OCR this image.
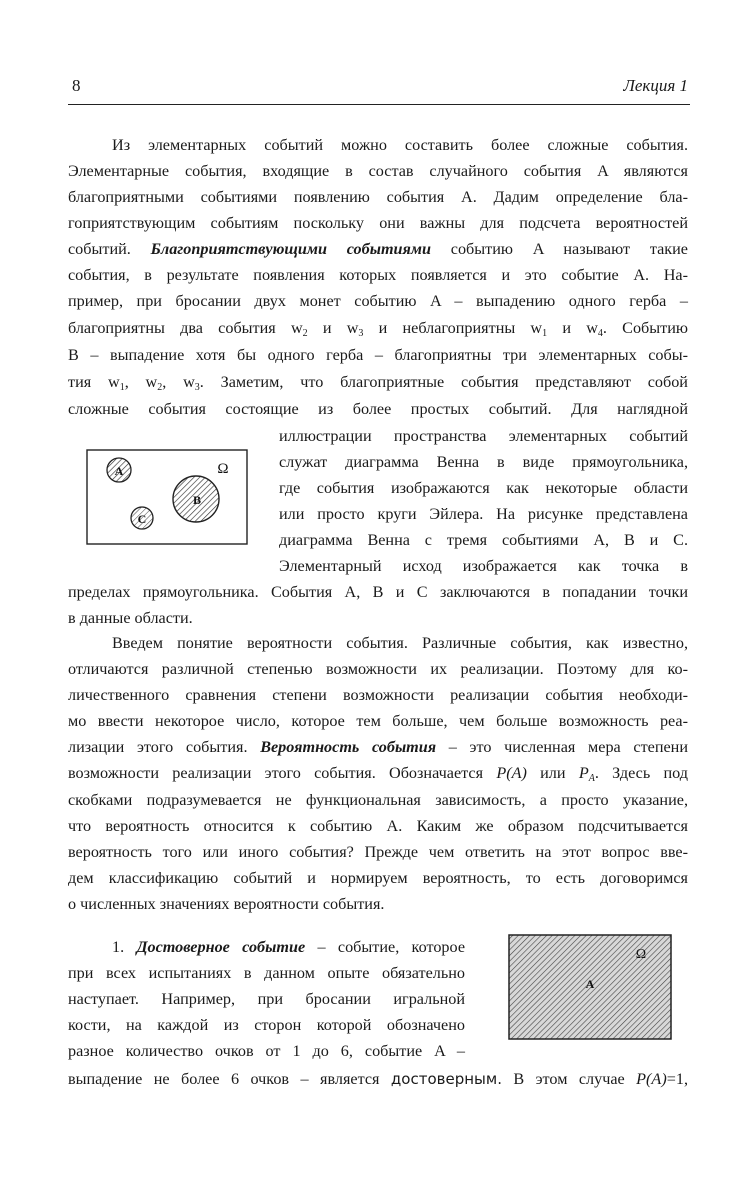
8	Лекция 1
Из элементарных событий можно составить более сложные события.
Элементарные события, входящие в состав случайного события A являются
благоприятными событиями появлению события A. Дадим определение бла-
гоприятствующим событиям поскольку они важны для подсчета вероятностей
событий. Благоприятствующими событиями событию A называют такие
события, в результате появления которых появляется и это событие A. На-
пример, при бросании двух монет событию A – выпадению одного герба –
благоприятны два события $w_2$ и $w_3$ и неблагоприятны $w_1$ и $w_4$. Событию
B – выпадение хотя бы одного герба – благоприятны три элементарных собы-
тия $w_1$, $w_2$, $w_3$. Заметим, что благоприятные события представляют собой
сложные события состоящие из более простых событий. Для наглядной
A
B
C
Ω
иллюстрации пространства элементарных событий
служат диаграмма Венна в виде прямоугольника,
где события изображаются как некоторые области
или просто круги Эйлера. На рисунке представлена
диаграмма Венна с тремя событиями A, B и C.
Элементарный исход изображается как точка в
пределах прямоугольника. События A, B и C заключаются в попадании точки
в данные области.
Введем понятие вероятности события. Различные события, как известно,
отличаются различной степенью возможности их реализации. Поэтому для ко-
личественного сравнения степени возможности реализации события необходи-
мо ввести некоторое число, которое тем больше, чем больше возможность реа-
лизации этого события. Вероятность события – это численная мера степени
возможности реализации этого события. Обозначается P(A) или $P_A$. Здесь под
скобками подразумевается не функциональная зависимость, а просто указание,
что вероятность относится к событию A. Каким же образом подсчитывается
вероятность того или иного события? Прежде чем ответить на этот вопрос вве-
дем классификацию событий и нормируем вероятность, то есть договоримся
о численных значениях вероятности события.
1. Достоверное событие – событие, которое
при всех испытаниях в данном опыте обязательно
наступает. Например, при бросании игральной
кости, на каждой из сторон которой обозначено
разное количество очков от 1 до 6, событие A –
выпадение не более 6 очков – является достоверным. В этом случае P(A)=1,
Ω
A
